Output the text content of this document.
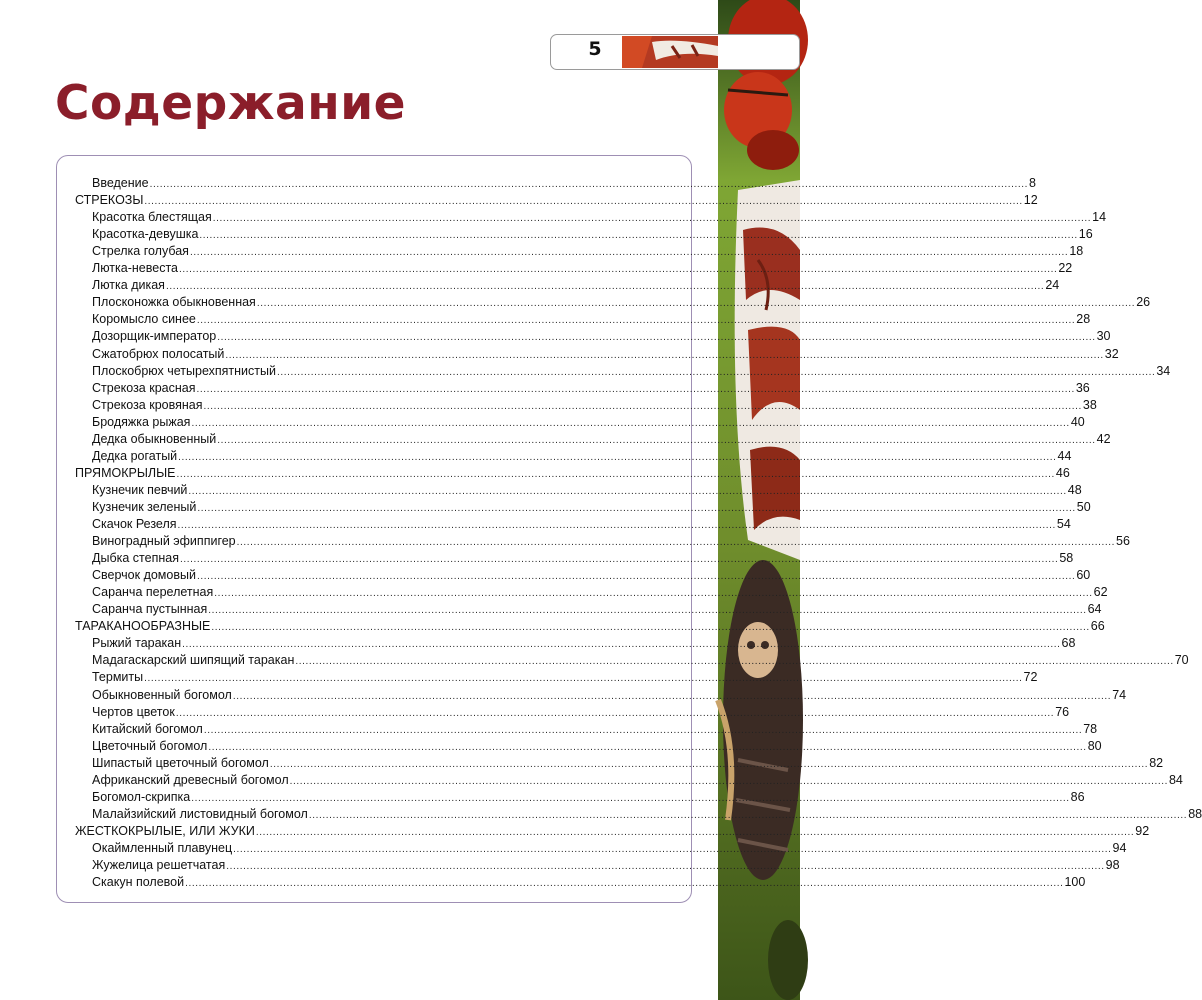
5
Содержание
Введение .................................................................................................................................................................................................................................................................... 8
СТРЕКОЗЫ .................................................................................................................................................................................................................................................................... 12
Красотка блестящая .................................................................................................................................................................................................................................................................... 14
Красотка-девушка .................................................................................................................................................................................................................................................................... 16
Стрелка голубая .................................................................................................................................................................................................................................................................... 18
Лютка-невеста .................................................................................................................................................................................................................................................................... 22
Лютка дикая .................................................................................................................................................................................................................................................................... 24
Плосконожка обыкновенная .................................................................................................................................................................................................................................................................... 26
Коромысло синее .................................................................................................................................................................................................................................................................... 28
Дозорщик-император .................................................................................................................................................................................................................................................................... 30
Сжатобрюх полосатый .................................................................................................................................................................................................................................................................... 32
Плоскобрюх четырехпятнистый .................................................................................................................................................................................................................................................................... 34
Стрекоза красная .................................................................................................................................................................................................................................................................... 36
Стрекоза кровяная .................................................................................................................................................................................................................................................................... 38
Бродяжка рыжая .................................................................................................................................................................................................................................................................... 40
Дедка обыкновенный .................................................................................................................................................................................................................................................................... 42
Дедка рогатый .................................................................................................................................................................................................................................................................... 44
ПРЯМОКРЫЛЫЕ .................................................................................................................................................................................................................................................................... 46
Кузнечик певчий .................................................................................................................................................................................................................................................................... 48
Кузнечик зеленый .................................................................................................................................................................................................................................................................... 50
Скачок Резеля .................................................................................................................................................................................................................................................................... 54
Виноградный эфиппигер .................................................................................................................................................................................................................................................................... 56
Дыбка степная .................................................................................................................................................................................................................................................................... 58
Сверчок домовый .................................................................................................................................................................................................................................................................... 60
Саранча перелетная .................................................................................................................................................................................................................................................................... 62
Саранча пустынная .................................................................................................................................................................................................................................................................... 64
ТАРАКАНООБРАЗНЫЕ .................................................................................................................................................................................................................................................................... 66
Рыжий таракан .................................................................................................................................................................................................................................................................... 68
Мадагаскарский шипящий таракан .................................................................................................................................................................................................................................................................... 70
Термиты .................................................................................................................................................................................................................................................................... 72
Обыкновенный богомол .................................................................................................................................................................................................................................................................... 74
Чертов цветок .................................................................................................................................................................................................................................................................... 76
Китайский богомол .................................................................................................................................................................................................................................................................... 78
Цветочный богомол .................................................................................................................................................................................................................................................................... 80
Шипастый цветочный богомол .................................................................................................................................................................................................................................................................... 82
Африканский древесный богомол .................................................................................................................................................................................................................................................................... 84
Богомол-скрипка .................................................................................................................................................................................................................................................................... 86
Малайзийский листовидный богомол .................................................................................................................................................................................................................................................................... 88
ЖЕСТКОКРЫЛЫЕ, ИЛИ ЖУКИ .................................................................................................................................................................................................................................................................... 92
Окаймленный плавунец .................................................................................................................................................................................................................................................................... 94
Жужелица решетчатая .................................................................................................................................................................................................................................................................... 98
Скакун полевой .................................................................................................................................................................................................................................................................... 100
